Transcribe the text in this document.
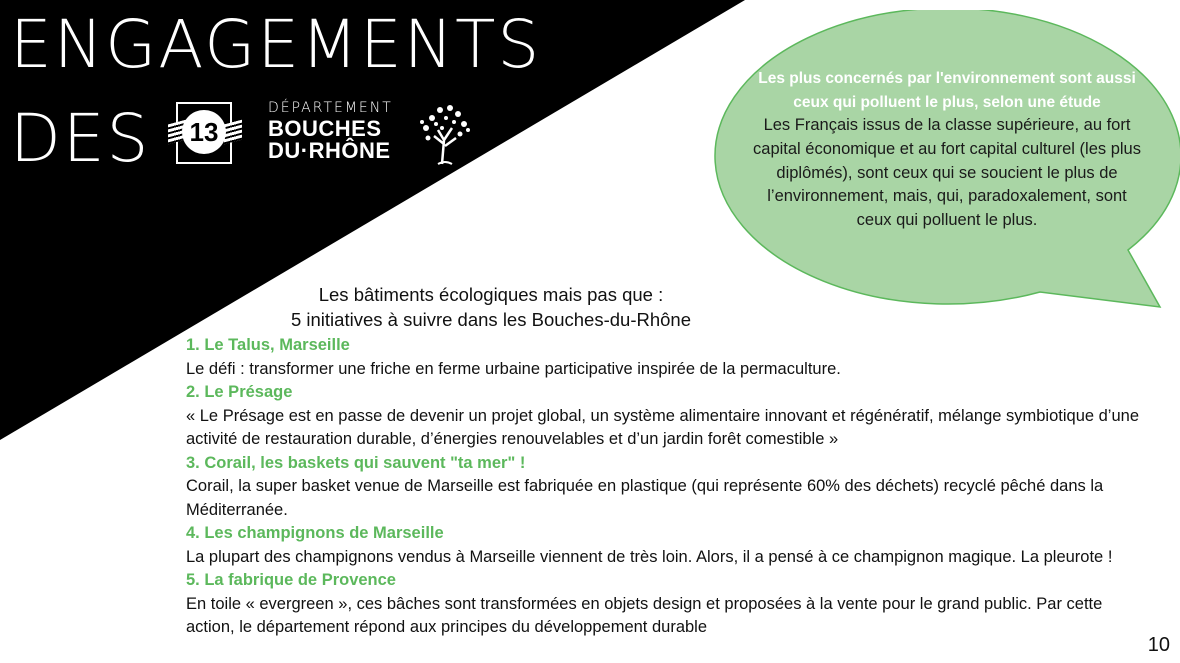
ENGAGEMENTS
DES 13
DÉPARTEMENT
BOUCHES
DU·RHÔNE
Les plus concernés par l'environnement sont aussi ceux qui polluent le plus, selon une étude
Les Français issus de la classe supérieure, au fort capital économique et au fort capital culturel (les plus diplômés), sont ceux qui se soucient le plus de l’environnement, mais, qui, paradoxalement, sont ceux qui polluent le plus.
Les bâtiments écologiques mais pas que :
5 initiatives à suivre dans les Bouches-du-Rhône
1. Le Talus, Marseille
Le défi : transformer une friche en ferme urbaine participative inspirée de la permaculture.
2. Le Présage
« Le Présage est en passe de devenir un projet global, un système alimentaire innovant et régénératif, mélange symbiotique d’une activité de restauration durable, d’énergies renouvelables et d’un jardin forêt comestible »
3. Corail, les baskets qui sauvent "ta mer" !
Corail, la super basket venue de Marseille est fabriquée en plastique (qui représente 60% des déchets) recyclé pêché dans la Méditerranée.
4. Les champignons de Marseille
La plupart des champignons vendus à Marseille viennent de très loin. Alors, il a pensé à ce champignon magique. La pleurote !
5. La fabrique de Provence
En toile « evergreen », ces bâches sont transformées en objets design et proposées à la vente pour le grand public. Par cette action, le département répond aux principes du développement durable
10
